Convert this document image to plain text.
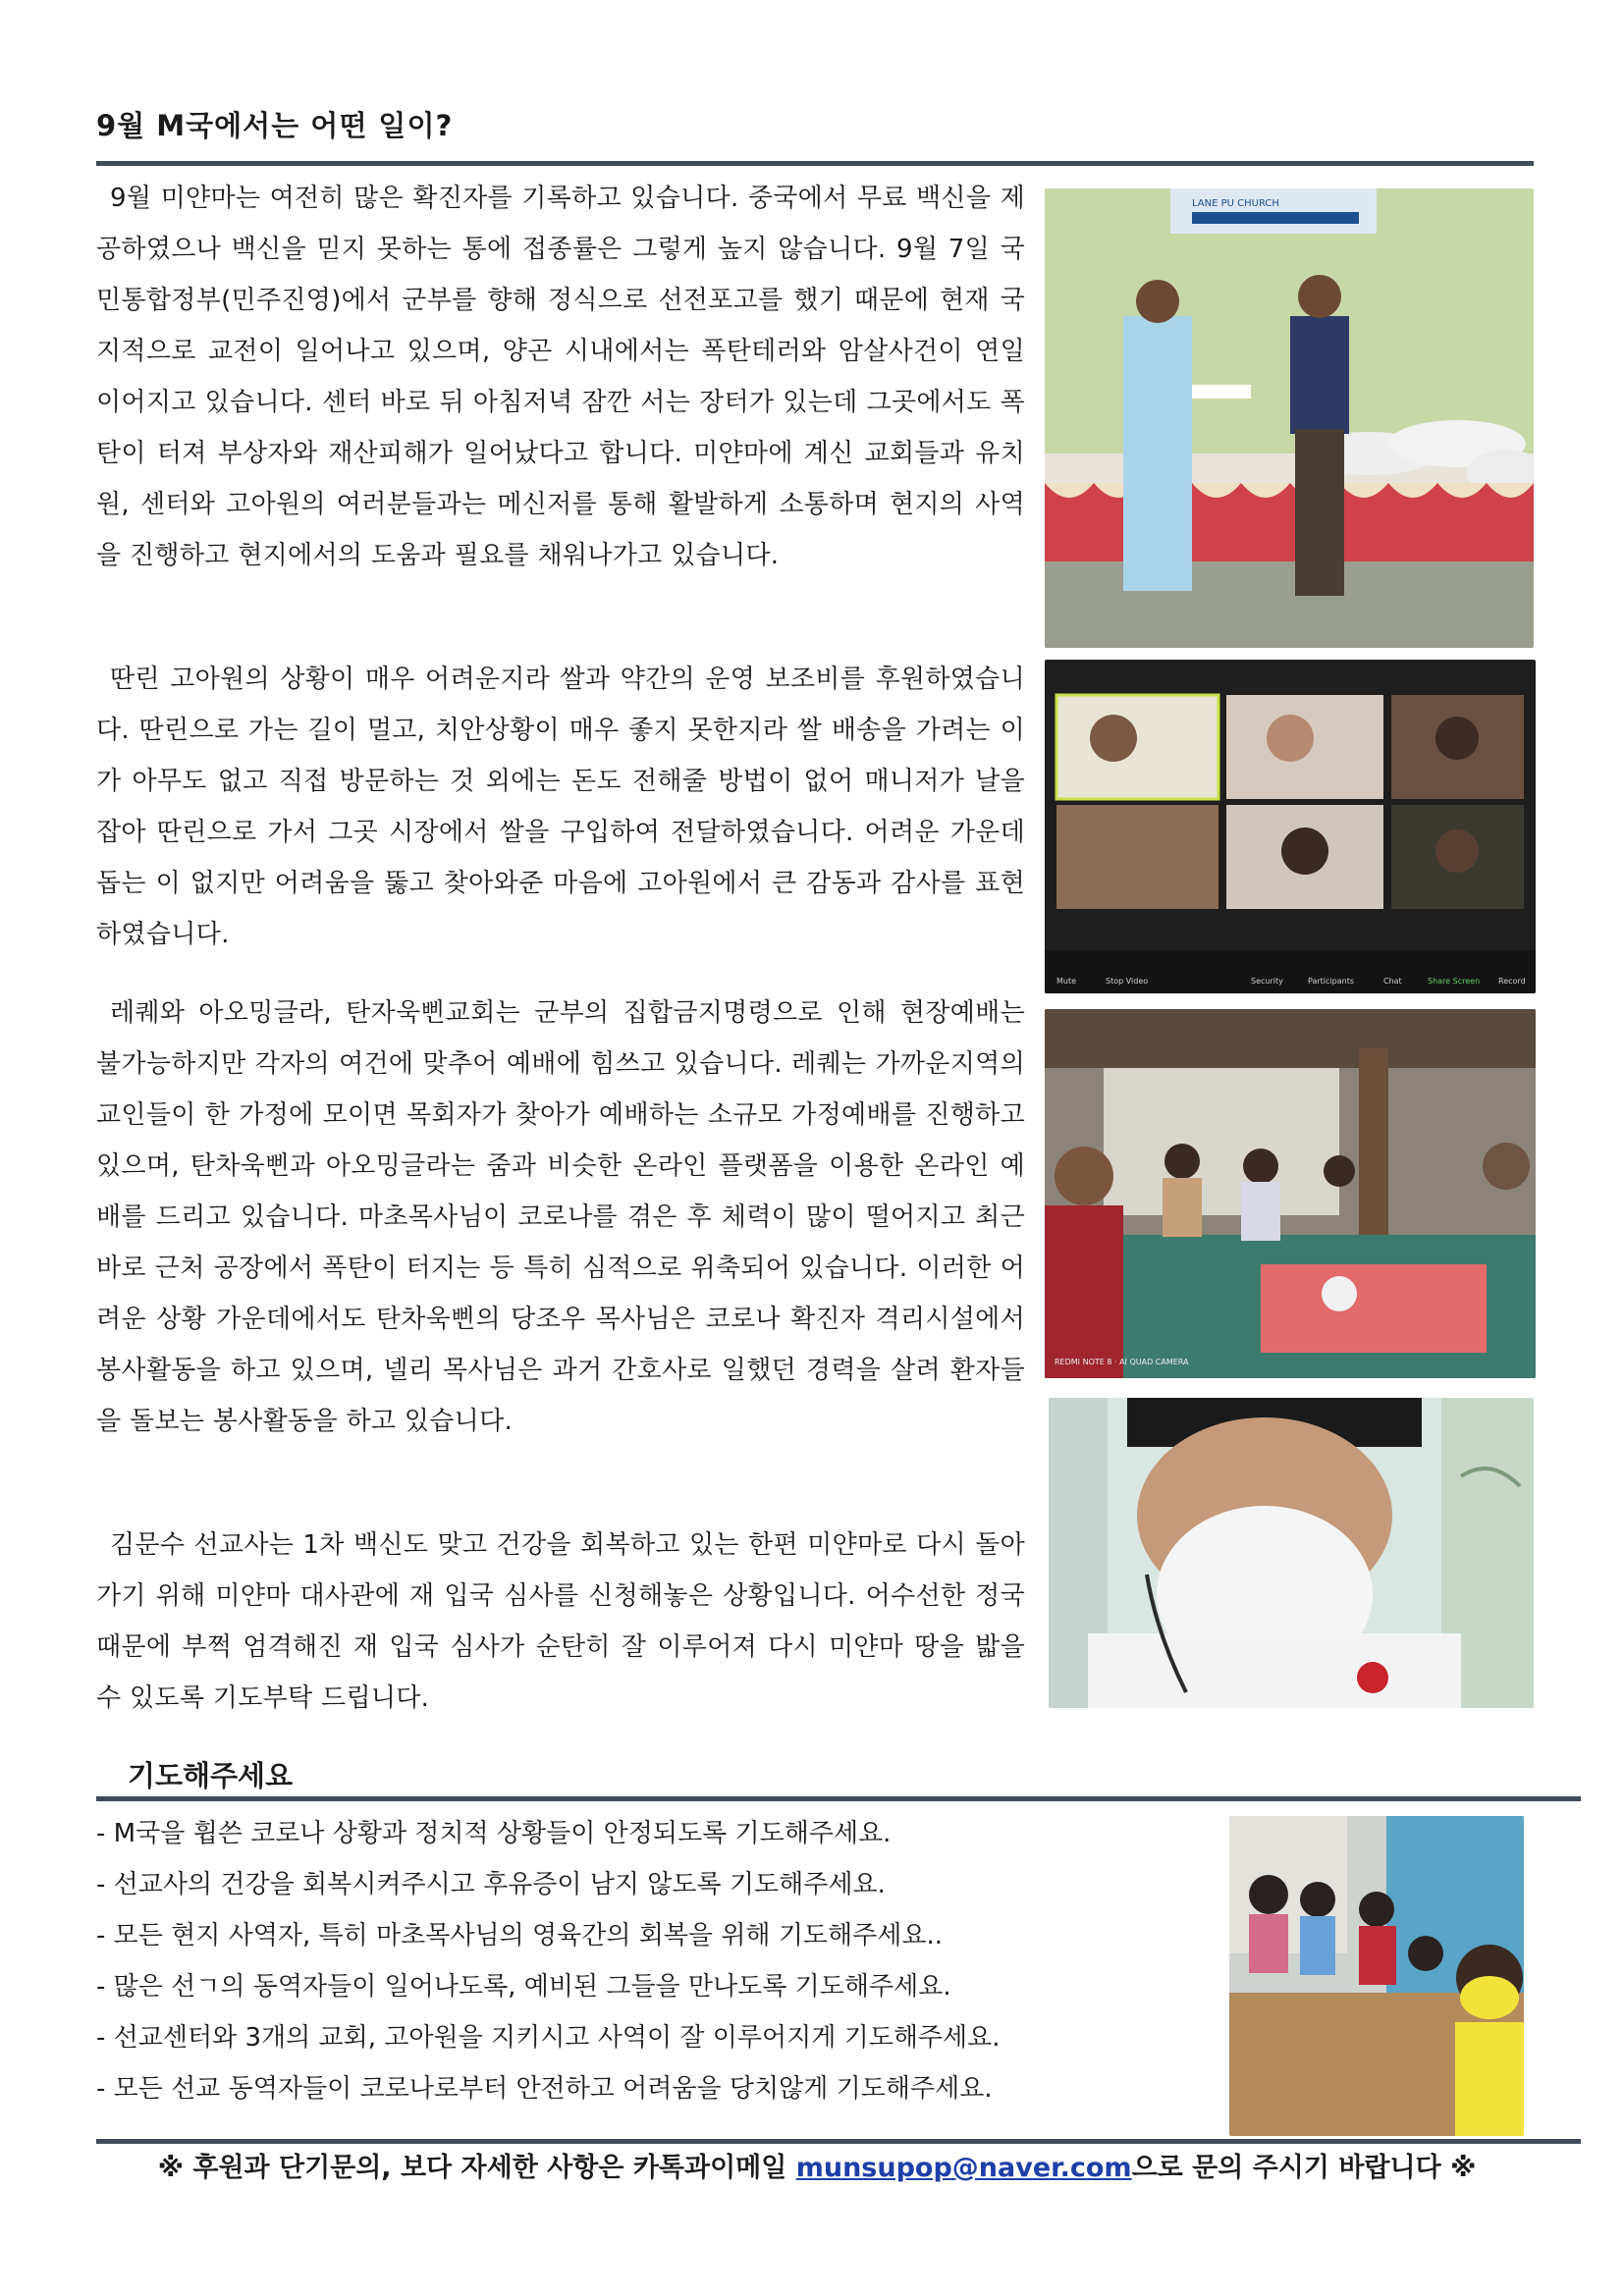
9월 M국에서는 어떤 일이?

9월 미얀마는 여전히 많은 확진자를 기록하고 있습니다. 중국에서 무료 백신을 제공하였으나 백신을 믿지 못하는 통에 접종률은 그렇게 높지 않습니다. 9월 7일 국민통합정부(민주진영)에서 군부를 향해 정식으로 선전포고를 했기 때문에 현재 국지적으로 교전이 일어나고 있으며, 양곤 시내에서는 폭탄테러와 암살사건이 연일 이어지고 있습니다. 센터 바로 뒤 아침저녁 잠깐 서는 장터가 있는데 그곳에서도 폭탄이 터져 부상자와 재산피해가 일어났다고 합니다. 미얀마에 계신 교회들과 유치원, 센터와 고아원의 여러분들과는 메신저를 통해 활발하게 소통하며 현지의 사역을 진행하고 현지에서의 도움과 필요를 채워나가고 있습니다.

딴린 고아원의 상황이 매우 어려운지라 쌀과 약간의 운영 보조비를 후원하였습니다. 딴린으로 가는 길이 멀고, 치안상황이 매우 좋지 못한지라 쌀 배송을 가려는 이가 아무도 없고 직접 방문하는 것 외에는 돈도 전해줄 방법이 없어 매니저가 날을 잡아 딴린으로 가서 그곳 시장에서 쌀을 구입하여 전달하였습니다. 어려운 가운데 돕는 이 없지만 어려움을 뚫고 찾아와준 마음에 고아원에서 큰 감동과 감사를 표현하였습니다.

레퀘와 아오밍글라, 탄자욱삔교회는 군부의 집합금지명령으로 인해 현장예배는 불가능하지만 각자의 여건에 맞추어 예배에 힘쓰고 있습니다. 레퀘는 가까운지역의 교인들이 한 가정에 모이면 목회자가 찾아가 예배하는 소규모 가정예배를 진행하고 있으며, 탄차욱삔과 아오밍글라는 줌과 비슷한 온라인 플랫폼을 이용한 온라인 예배를 드리고 있습니다. 마초목사님이 코로나를 겪은 후 체력이 많이 떨어지고 최근 바로 근처 공장에서 폭탄이 터지는 등 특히 심적으로 위축되어 있습니다. 이러한 어려운 상황 가운데에서도 탄차욱삔의 당조우 목사님은 코로나 확진자 격리시설에서 봉사활동을 하고 있으며, 넬리 목사님은 과거 간호사로 일했던 경력을 살려 환자들을 돌보는 봉사활동을 하고 있습니다.

김문수 선교사는 1차 백신도 맞고 건강을 회복하고 있는 한편 미얀마로 다시 돌아가기 위해 미얀마 대사관에 재 입국 심사를 신청해놓은 상황입니다. 어수선한 정국 때문에 부쩍 엄격해진 재 입국 심사가 순탄히 잘 이루어져 다시 미얀마 땅을 밟을 수 있도록 기도부탁 드립니다.

LANE PU CHURCH
Mute	Stop Video	Security	Participants	Chat	Share Screen Record
REDMI NOTE 8 · AI QUAD CAMERA
기도해주세요
- M국을 휩쓴 코로나 상황과 정치적 상황들이 안정되도록 기도해주세요.
- 선교사의 건강을 회복시켜주시고 후유증이 남지 않도록 기도해주세요.
- 모든 현지 사역자, 특히 마초목사님의 영육간의 회복을 위해 기도해주세요..
- 많은 선ㄱ의 동역자들이 일어나도록, 예비된 그들을 만나도록 기도해주세요.
- 선교센터와 3개의 교회, 고아원을 지키시고 사역이 잘 이루어지게 기도해주세요.
- 모든 선교 동역자들이 코로나로부터 안전하고 어려움을 당치않게 기도해주세요.
※ 후원과 단기문의, 보다 자세한 사항은 카톡과이메일 munsupop@naver.com으로 문의 주시기 바랍니다 ※
